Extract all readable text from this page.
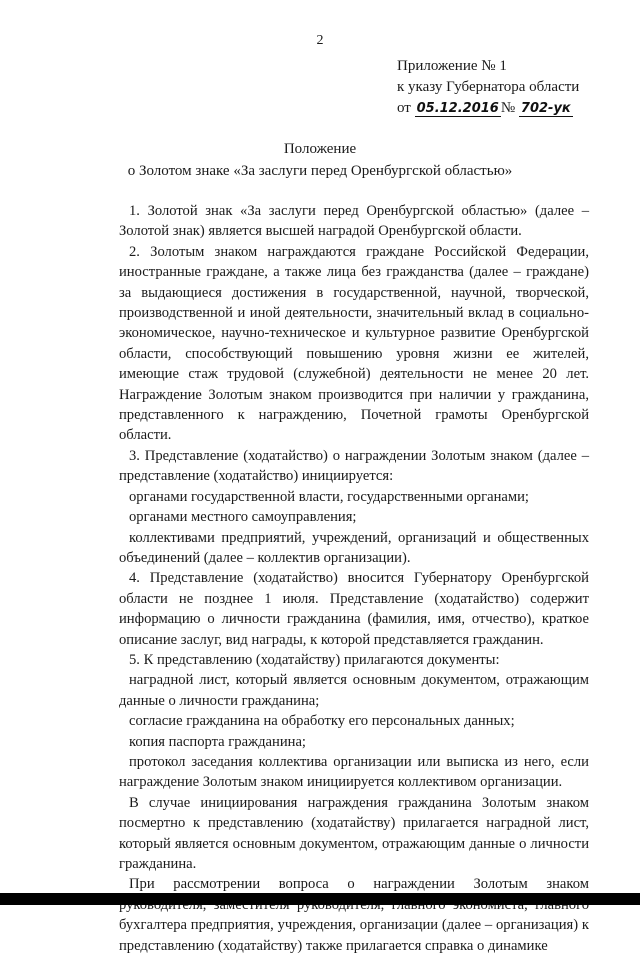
2
Приложение № 1
к указу Губернатора области
от 05.12.2016 № 702-ук
Положение
о Золотом знаке «За заслуги перед Оренбургской областью»

1. Золотой знак «За заслуги перед Оренбургской областью» (далее – Золотой знак) является высшей наградой Оренбургской области.

2. Золотым знаком награждаются граждане Российской Федерации, иностранные граждане, а также лица без гражданства (далее – граждане) за выдающиеся достижения в государственной, научной, творческой, производственной и иной деятельности, значительный вклад в социально-экономическое, научно-техническое и культурное развитие Оренбургской области, способствующий повышению уровня жизни ее жителей, имеющие стаж трудовой (служебной) деятельности не менее 20 лет. Награждение Золотым знаком производится при наличии у гражданина, представленного к награждению, Почетной грамоты Оренбургской области.

3. Представление (ходатайство) о награждении Золотым знаком (далее – представление (ходатайство) инициируется:

органами государственной власти, государственными органами;

органами местного самоуправления;

коллективами предприятий, учреждений, организаций и общественных объединений (далее – коллектив организации).

4. Представление (ходатайство) вносится Губернатору Оренбургской области не позднее 1 июля. Представление (ходатайство) содержит информацию о личности гражданина (фамилия, имя, отчество), краткое описание заслуг, вид награды, к которой представляется гражданин.

5. К представлению (ходатайству) прилагаются документы:

наградной лист, который является основным документом, отражающим данные о личности гражданина;

согласие гражданина на обработку его персональных данных;

копия паспорта гражданина;

протокол заседания коллектива организации или выписка из него, если награждение Золотым знаком инициируется коллективом организации.

В случае инициирования награждения гражданина Золотым знаком посмертно к представлению (ходатайству) прилагается наградной лист, который является основным документом, отражающим данные о личности гражданина.

При рассмотрении вопроса о награждении Золотым знаком бухгалтера предприятия, учреждения, организации (далее – организация) к представлению (ходатайству) также прилагается справка о динамике
